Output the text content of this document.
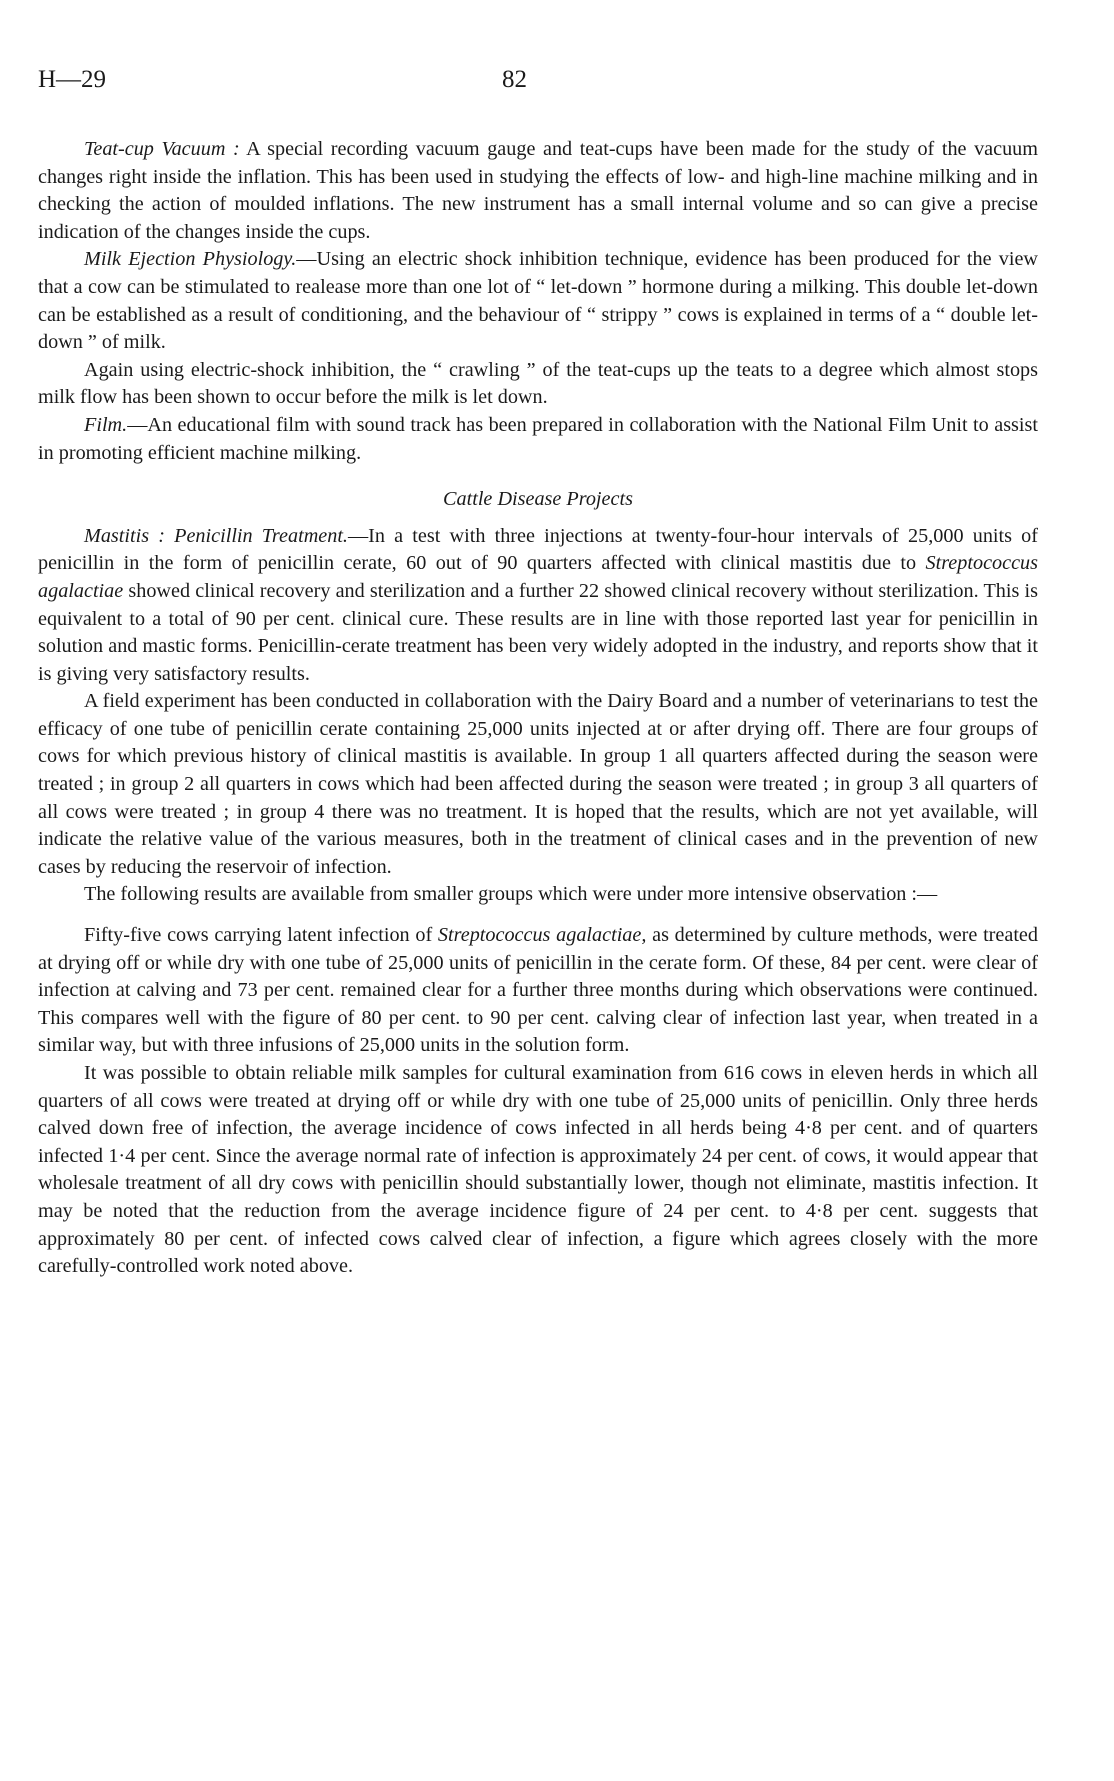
H—29	82

Teat-cup Vacuum : A special recording vacuum gauge and teat-cups have been made for the study of the vacuum changes right inside the inflation. This has been used in studying the effects of low- and high-line machine milking and in checking the action of moulded inflations. The new instrument has a small internal volume and so can give a precise indication of the changes inside the cups.

Milk Ejection Physiology.—Using an electric shock inhibition technique, evidence has been produced for the view that a cow can be stimulated to realease more than one lot of “ let-down ” hormone during a milking. This double let-down can be established as a result of conditioning, and the behaviour of “ strippy ” cows is explained in terms of a “ double let-down ” of milk.

Again using electric-shock inhibition, the “ crawling ” of the teat-cups up the teats to a degree which almost stops milk flow has been shown to occur before the milk is let down.

Film.—An educational film with sound track has been prepared in collaboration with the National Film Unit to assist in promoting efficient machine milking.

Cattle Disease Projects

Mastitis : Penicillin Treatment.—In a test with three injections at twenty-four-hour intervals of 25,000 units of penicillin in the form of penicillin cerate, 60 out of 90 quarters affected with clinical mastitis due to Streptococcus agalactiae showed clinical recovery and sterilization and a further 22 showed clinical recovery without sterilization. This is equivalent to a total of 90 per cent. clinical cure. These results are in line with those reported last year for penicillin in solution and mastic forms. Penicillin-cerate treatment has been very widely adopted in the industry, and reports show that it is giving very satisfactory results.

A field experiment has been conducted in collaboration with the Dairy Board and a number of veterinarians to test the efficacy of one tube of penicillin cerate containing 25,000 units injected at or after drying off. There are four groups of cows for which previous history of clinical mastitis is available. In group 1 all quarters affected during the season were treated ; in group 2 all quarters in cows which had been affected during the season were treated ; in group 3 all quarters of all cows were treated ; in group 4 there was no treatment. It is hoped that the results, which are not yet available, will indicate the relative value of the various measures, both in the treatment of clinical cases and in the prevention of new cases by reducing the reservoir of infection.

The following results are available from smaller groups which were under more intensive observation :—

Fifty-five cows carrying latent infection of Streptococcus agalactiae, as determined by culture methods, were treated at drying off or while dry with one tube of 25,000 units of penicillin in the cerate form. Of these, 84 per cent. were clear of infection at calving and 73 per cent. remained clear for a further three months during which observations were continued. This compares well with the figure of 80 per cent. to 90 per cent. calving clear of infection last year, when treated in a similar way, but with three infusions of 25,000 units in the solution form.

It was possible to obtain reliable milk samples for cultural examination from 616 cows in eleven herds in which all quarters of all cows were treated at drying off or while dry with one tube of 25,000 units of penicillin. Only three herds calved down free of infection, the average incidence of cows infected in all herds being 4·8 per cent. and of quarters infected 1·4 per cent. Since the average normal rate of infection is approximately 24 per cent. of cows, it would appear that wholesale treatment of all dry cows with penicillin should substantially lower, though not eliminate, mastitis infection. It may be noted that the reduction from the average incidence figure of 24 per cent. to 4·8 per cent. suggests that approximately 80 per cent. of infected cows calved clear of infection, a figure which agrees closely with the more carefully-controlled work noted above.
